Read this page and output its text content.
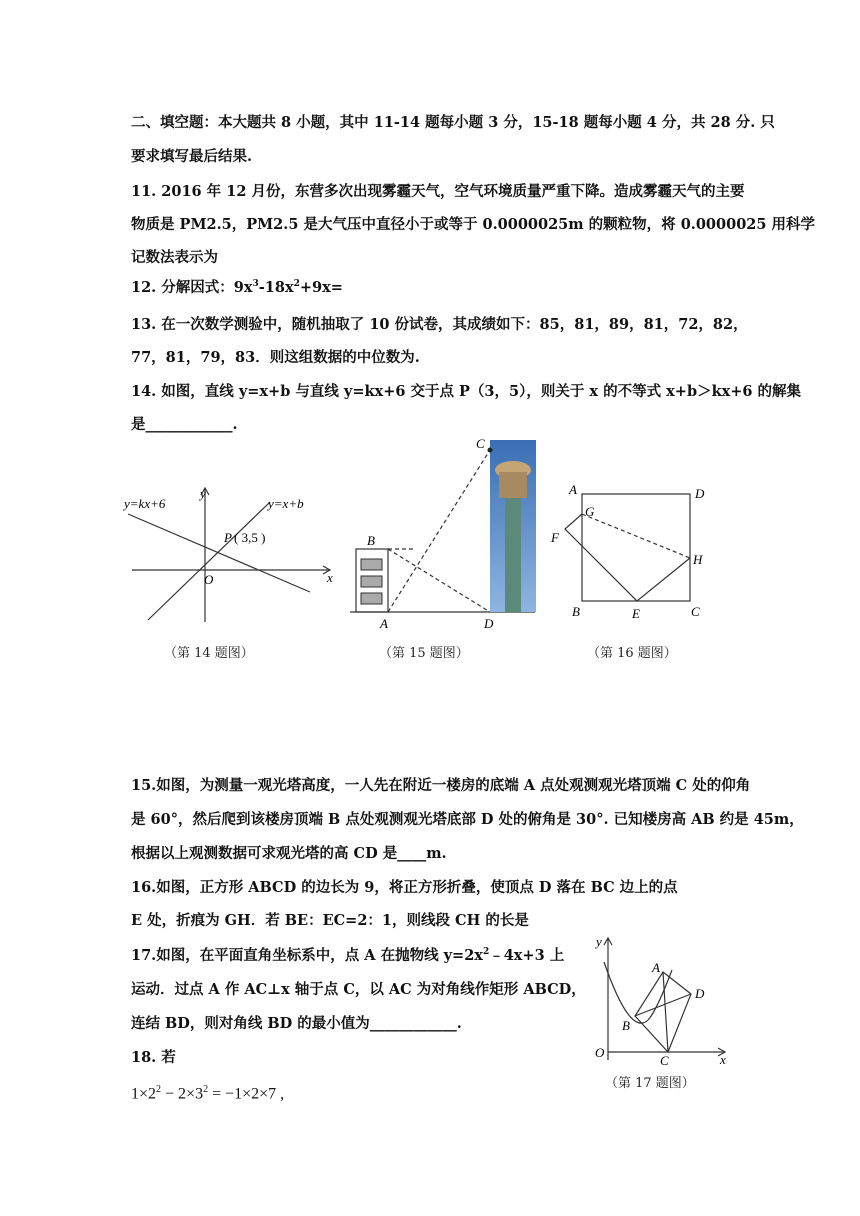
二、填空题：本大题共 8 小题，其中 11-14 题每小题 3 分，15-18 题每小题 4 分，共 28 分. 只
要求填写最后结果.
11. 2016 年 12 月份，东营多次出现雾霾天气，空气环境质量严重下降。造成雾霾天气的主要
物质是 PM2.5，PM2.5 是大气压中直径小于或等于 0.0000025m 的颗粒物，将 0.0000025 用科学
记数法表示为
12. 分解因式：$9x^3-18x^2+9x=$
13. 在一次数学测验中，随机抽取了 10 份试卷，其成绩如下：85，81，89，81，72，82，
77，81，79，83．则这组数据的中位数为.
14. 如图，直线 y=x+b 与直线 y=kx+6 交于点 P（3，5），则关于 x 的不等式 x+b＞kx+6 的解集
是____________.
y=kx+6	y=x+b
P ( 3,5 )
O	x
y
（第 14 题图）
C
B
A	D
（第 15 题图）
A	D
G
F
H
B	E	C
（第 16 题图）
15.如图，为测量一观光塔高度，一人先在附近一楼房的底端 A 点处观测观光塔顶端 C 处的仰角
是 60°，然后爬到该楼房顶端 B 点处观测观光塔底部 D 处的俯角是 30°. 已知楼房高 AB 约是 45m，
根据以上观测数据可求观光塔的高 CD 是____m.
16.如图，正方形 ABCD 的边长为 9，将正方形折叠，使顶点 D 落在 BC 边上的点
E 处，折痕为 GH．若 BE：EC=2：1，则线段 CH 的长是
17.如图，在平面直角坐标系中，点 A 在抛物线 $y=2x^2﹣4x+3$ 上
运动．过点 A 作 AC⊥x 轴于点 C，以 AC 为对角线作矩形 ABCD，
连结 BD，则对角线 BD 的最小值为____________.
A
D
B
C
O	x
y
（第 17 题图）
18. 若
$1\times 2^2 - 2\times 3^2 = -1\times 2\times 7$ ,
